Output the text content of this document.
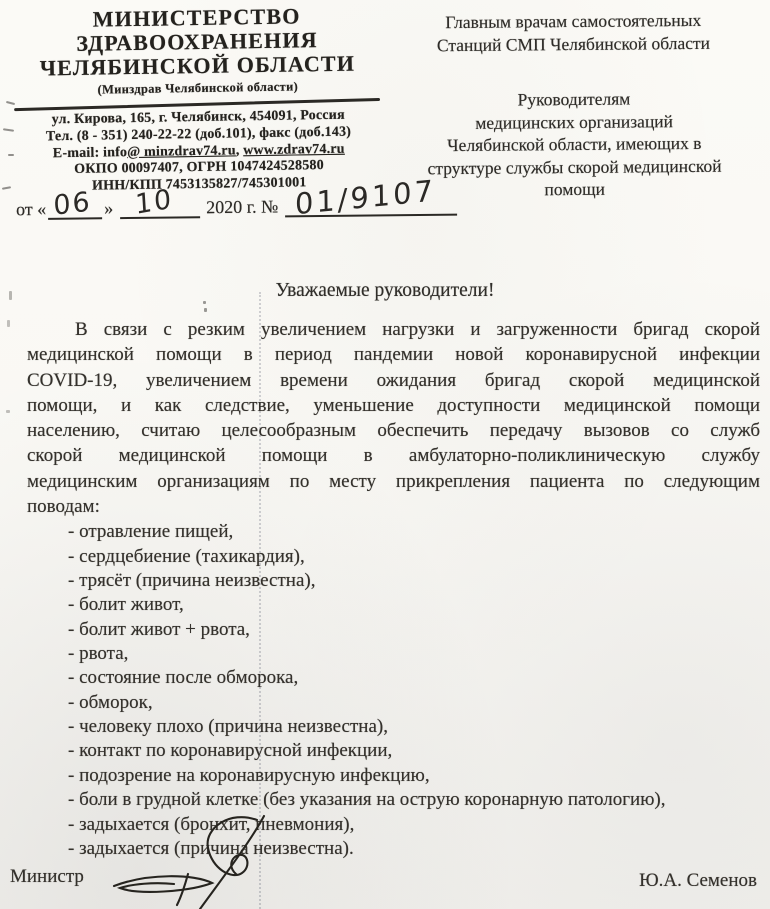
МИНИСТЕРСТВО
ЗДРАВООХРАНЕНИЯ
ЧЕЛЯБИНСКОЙ ОБЛАСТИ
(Минздрав Челябинской области)
ул. Кирова, 165, г. Челябинск, 454091, Россия
Тел. (8 - 351) 240-22-22 (доб.101), факс (доб.143)
E-mail: info@ minzdrav74.ru, www.zdrav74.ru
ОКПО 00097407, ОГРН 1047424528580
ИНН/КПП 7453135827/745301001
от « 06 » 10 2020 г. № 01/9107
Главным врачам самостоятельных
Станций СМП Челябинской области
Руководителям
медицинских организаций
Челябинской области, имеющих в
структуре службы скорой медицинской
помощи
Уважаемые руководители!
В связи с резким увеличением нагрузки и загруженности бригад скорой
медицинской помощи в период пандемии новой коронавирусной инфекции
COVID-19, увеличением времени ожидания бригад скорой медицинской
помощи, и как следствие, уменьшение доступности медицинской помощи
населению, считаю целесообразным обеспечить передачу вызовов со служб
скорой медицинской помощи в амбулаторно-поликлиническую службу
медицинским организациям по месту прикрепления пациента по следующим
поводам:
- отравление пищей,
- сердцебиение (тахикардия),
- трясёт (причина неизвестна),
- болит живот,
- болит живот + рвота,
- рвота,
- состояние после обморока,
- обморок,
- человеку плохо (причина неизвестна),
- контакт по коронавирусной инфекции,
- подозрение на коронавирусную инфекцию,
- боли в грудной клетке (без указания на острую коронарную патологию),
- задыхается (бронхит, пневмония),
- задыхается (причина неизвестна).
Министр	Ю.А. Семенов
